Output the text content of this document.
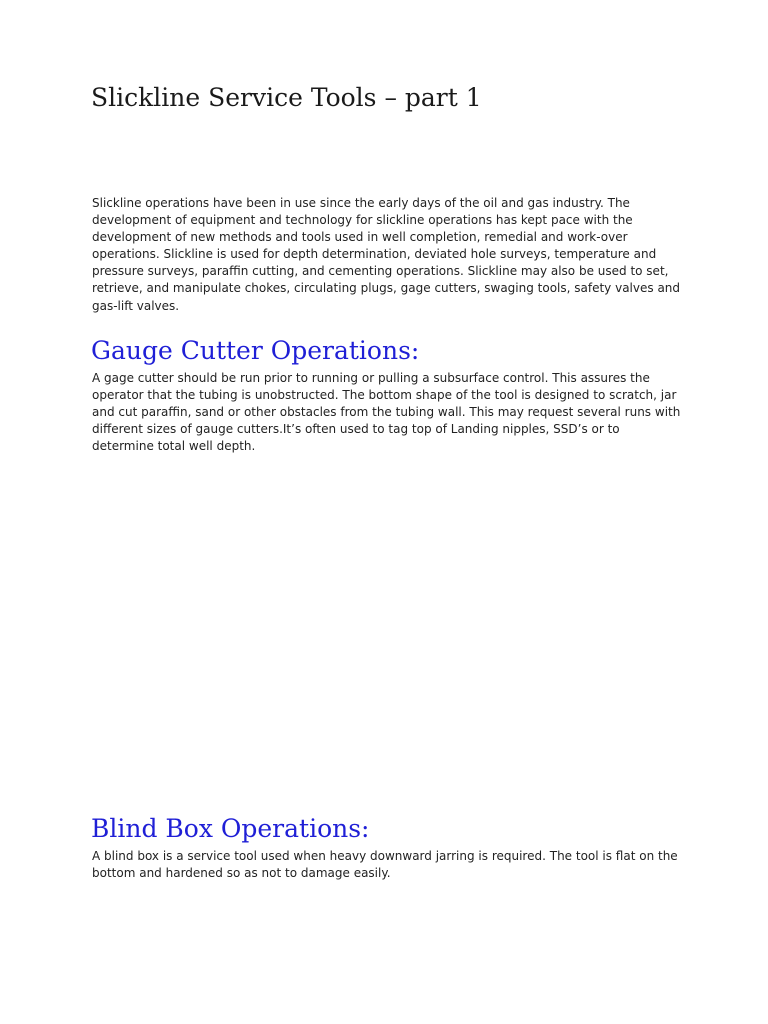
Slickline Service Tools – part 1

Slickline operations have been in use since the early days of the oil and gas industry. The development of equipment and technology for slickline operations has kept pace with the development of new methods and tools used in well completion, remedial and work-over operations. Slickline is used for depth determination, deviated hole surveys, temperature and pressure surveys, paraffin cutting, and cementing operations. Slickline may also be used to set, retrieve, and manipulate chokes, circulating plugs, gage cutters, swaging tools, safety valves and gas-lift valves.

Gauge Cutter Operations:

A gage cutter should be run prior to running or pulling a subsurface control. This assures the operator that the tubing is unobstructed. The bottom shape of the tool is designed to scratch, jar and cut paraffin, sand or other obstacles from the tubing wall. This may request several runs with different sizes of gauge cutters.It’s often used to tag top of Landing nipples, SSD’s or to determine total well depth.

Blind Box Operations:

A blind box is a service tool used when heavy downward jarring is required. The tool is flat on the bottom and hardened so as not to damage easily.
